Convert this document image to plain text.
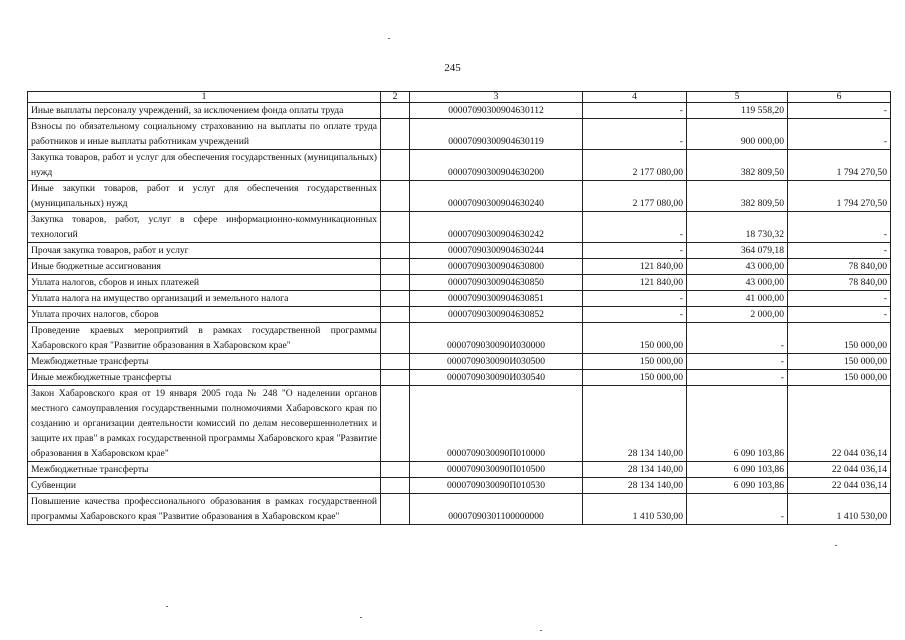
245
1	2	3	4	5	6
Иные выплаты персоналу учреждений, за исключением фонда оплаты труда		00007090300904630112	-	119 558,20	-
Взносы по обязательному социальному страхованию на выплаты по оплате труда работников и иные выплаты работникам учреждений		00007090300904630119	-	900 000,00	-
Закупка товаров, работ и услуг для обеспечения государственных (муниципальных) нужд		00007090300904630200	2 177 080,00	382 809,50	1 794 270,50
Иные закупки товаров, работ и услуг для обеспечения государственных (муниципальных) нужд		00007090300904630240	2 177 080,00	382 809,50	1 794 270,50
Закупка товаров, работ, услуг в сфере информационно-коммуникационных технологий		00007090300904630242	-	18 730,32	-
Прочая закупка товаров, работ и услуг		00007090300904630244	-	364 079,18	-
Иные бюджетные ассигнования		00007090300904630800	121 840,00	43 000,00	78 840,00
Уплата налогов, сборов и иных платежей		00007090300904630850	121 840,00	43 000,00	78 840,00
Уплата налога на имущество организаций и земельного налога		00007090300904630851	-	41 000,00	-
Уплата прочих налогов, сборов		00007090300904630852	-	2 000,00	-
Проведение краевых мероприятий в рамках государственной программы Хабаровского края "Развитие образования в Хабаровском крае"		0000709030090И030000	150 000,00	-	150 000,00
Межбюджетные трансферты		0000709030090И030500	150 000,00	-	150 000,00
Иные межбюджетные трансферты		0000709030090И030540	150 000,00	-	150 000,00
Закон Хабаровского края от 19 января 2005 года № 248 "О наделении органов местного самоуправления государственными полномочиями Хабаровского края по созданию и организации деятельности комиссий по делам несовершеннолетних и защите их прав" в рамках государственной программы Хабаровского края "Развитие образования в Хабаровском крае"		0000709030090П010000	28 134 140,00	6 090 103,86	22 044 036,14
Межбюджетные трансферты		0000709030090П010500	28 134 140,00	6 090 103,86	22 044 036,14
Субвенции		0000709030090П010530	28 134 140,00	6 090 103,86	22 044 036,14
Повышение качества профессионального образования в рамках государственной программы Хабаровского края "Развитие образования в Хабаровском крае"		00007090301100000000	1 410 530,00	-	1 410 530,00
